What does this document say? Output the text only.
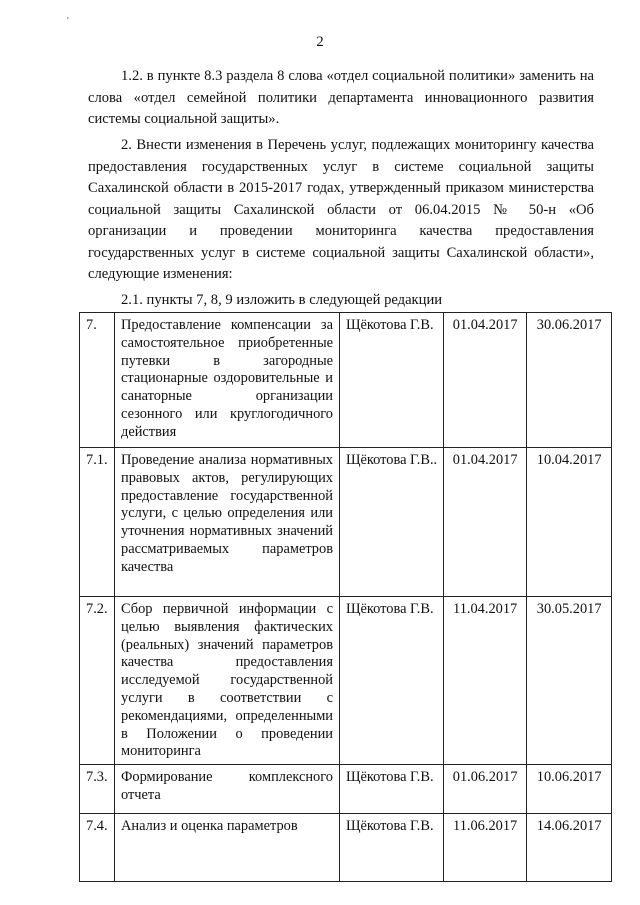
'
2

1.2. в пункте 8.3 раздела 8 слова «отдел социальной политики» заменить на слова «отдел семейной политики департамента инновационного развития системы социальной защиты».

2. Внести изменения в Перечень услуг, подлежащих мониторингу качества предоставления государственных услуг в системе социальной защиты Сахалинской области в 2015-2017 годах, утвержденный приказом министерства социальной защиты Сахалинской области от 06.04.2015 № 50-н «Об организации и проведении мониторинга качества предоставления государственных услуг в системе социальной защиты Сахалинской области», следующие изменения:

2.1. пункты 7, 8, 9 изложить в следующей редакции

7.	Предоставление компенсации за самостоятельное приобретенные путевки в загородные стационарные оздоровительные и санаторные организации сезонного или круглогодичного действия	Щёкотова Г.В.	01.04.2017	30.06.2017
7.1.	Проведение анализа нормативных правовых актов, регулирующих предоставление государственной услуги, с целью определения или уточнения нормативных значений рассматриваемых параметров качества	Щёкотова Г.В..	01.04.2017	10.04.2017
7.2.	Сбор первичной информации с целью выявления фактических (реальных) значений параметров качества предоставления исследуемой государственной услуги в соответствии с рекомендациями, определенными в Положении о проведении мониторинга	Щёкотова Г.В.	11.04.2017	30.05.2017
7.3.	Формирование комплексного отчета	Щёкотова Г.В.	01.06.2017	10.06.2017
7.4.	Анализ и оценка параметров	Щёкотова Г.В.	11.06.2017	14.06.2017
